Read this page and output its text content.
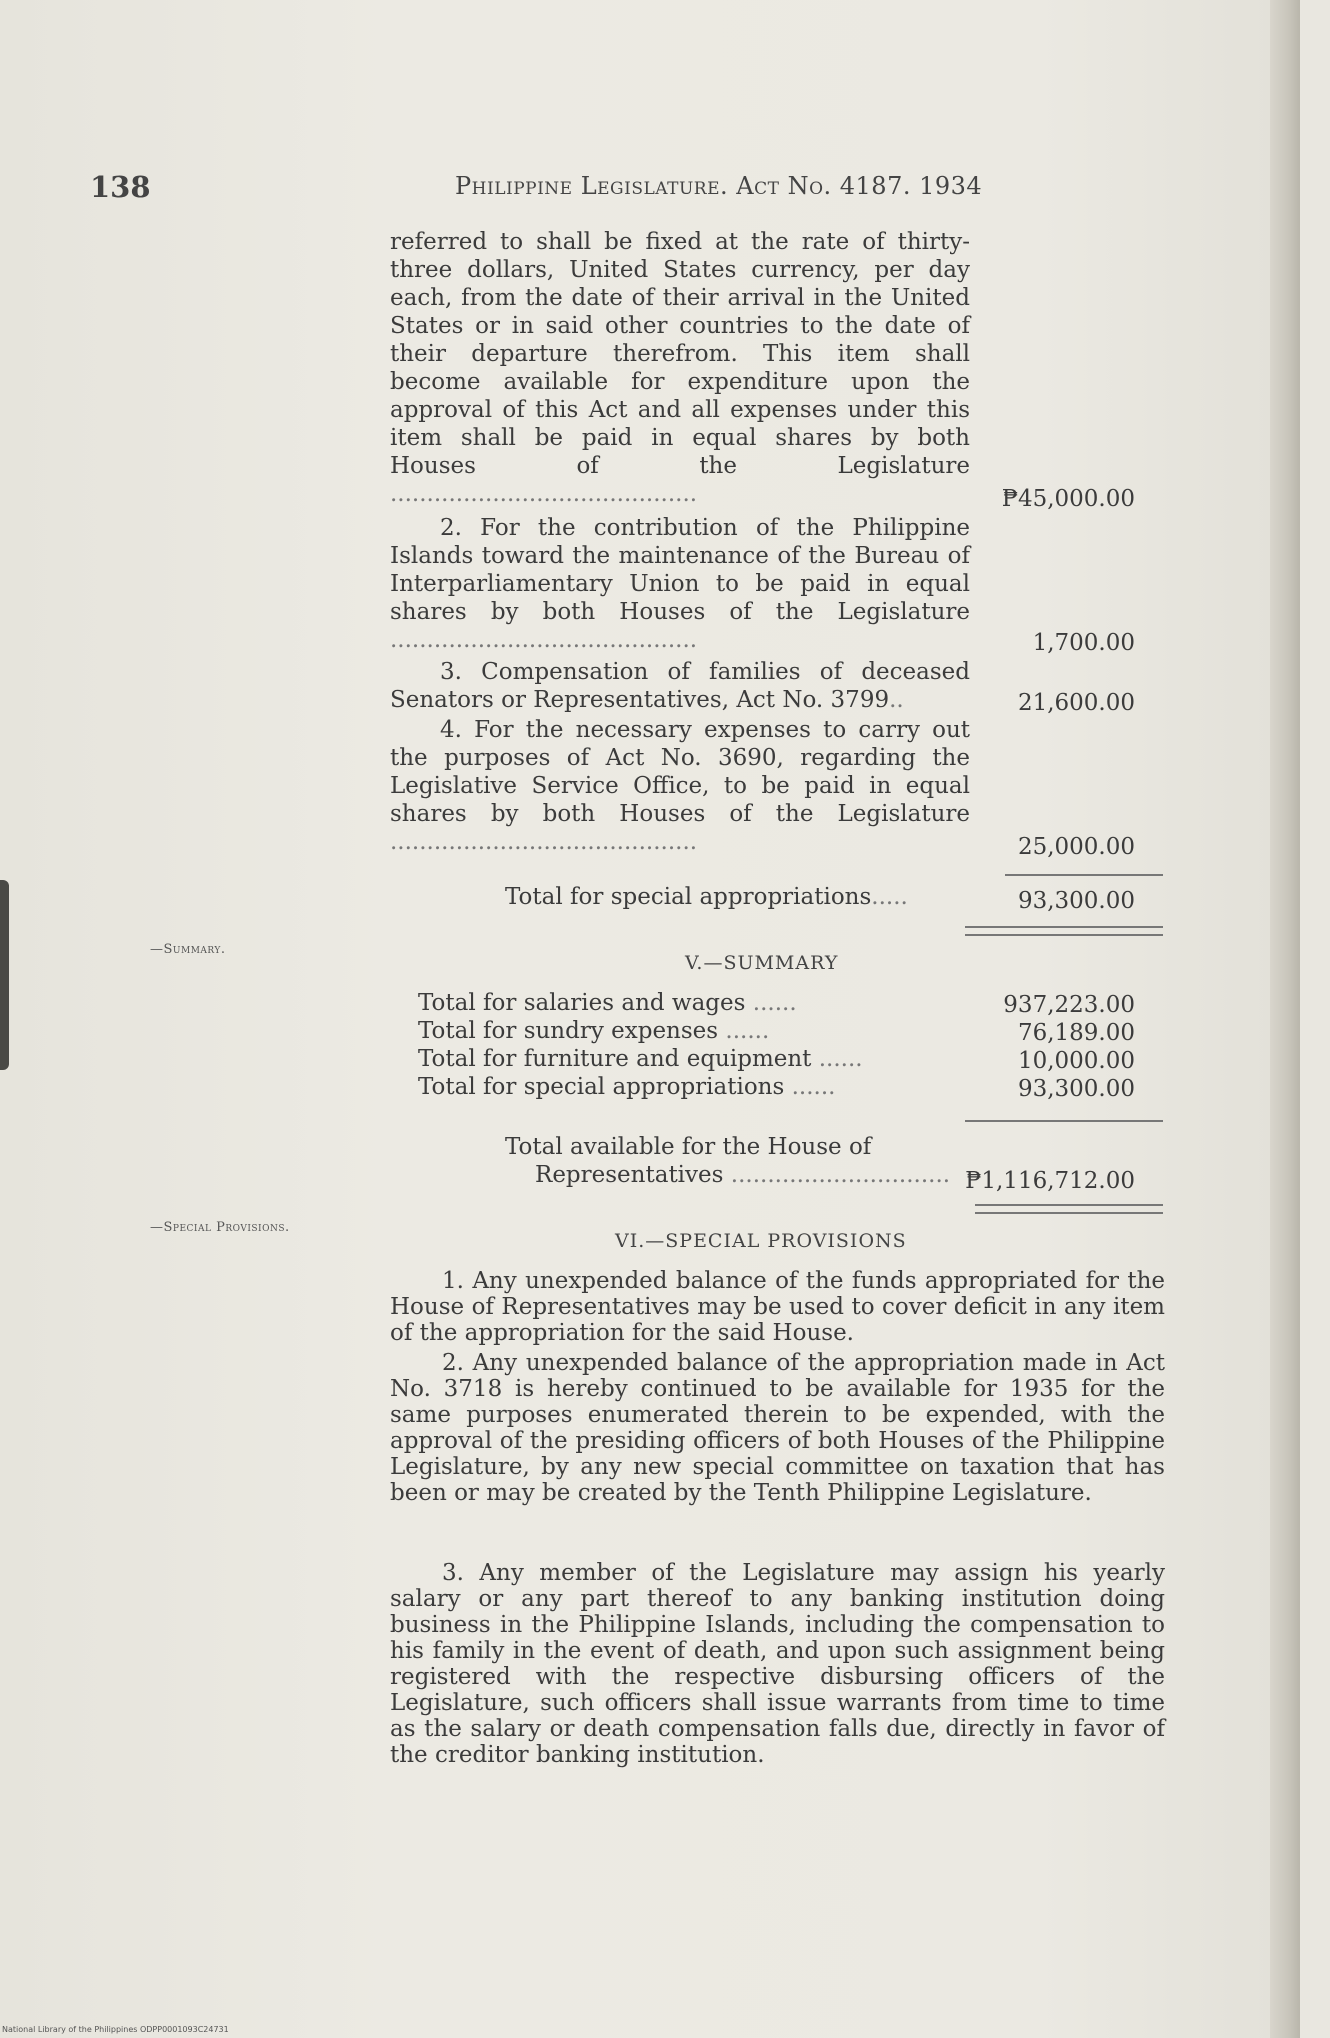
138	Philippine Legislature. Act No. 4187. 1934
referred to shall be fixed at the rate of thirty-three dollars, United States currency, per day each, from the date of their arrival in the United States or in said other countries to the date of their departure therefrom. This item shall become available for expenditure upon the approval of this Act and all expenses under this item shall be paid in equal shares by both Houses of the Legislature ..........................................	₱45,000.00
2. For the contribution of the Philippine Islands toward the maintenance of the Bureau of Interparliamentary Union to be paid in equal shares by both Houses of the Legislature ..........................................	1,700.00
3. Compensation of families of deceased Senators or Representatives, Act No. 3799..	21,600.00
4. For the necessary expenses to carry out the purposes of Act No. 3690, regarding the Legislative Service Office, to be paid in equal shares by both Houses of the Legislature ..........................................	25,000.00
Total for special appropriations.....	93,300.00
—Summary.
V.—SUMMARY
Total for salaries and wages ......	937,223.00
Total for sundry expenses ......	76,189.00
Total for furniture and equipment ......	10,000.00
Total for special appropriations ......	93,300.00
Total available for the House of
Representatives .............................. ₱1,116,712.00
—Special Provisions.
VI.—SPECIAL PROVISIONS
1. Any unexpended balance of the funds appropriated for the House of Representatives may be used to cover deficit in any item of the appropriation for the said House.
2. Any unexpended balance of the appropriation made in Act No. 3718 is hereby continued to be available for 1935 for the same purposes enumerated therein to be expended, with the approval of the presiding officers of both Houses of the Philippine Legislature, by any new special committee on taxation that has been or may be created by the Tenth Philippine Legislature.
3. Any member of the Legislature may assign his yearly salary or any part thereof to any banking institution doing business in the Philippine Islands, including the compensation to his family in the event of death, and upon such assignment being registered with the respective disbursing officers of the Legislature, such officers shall issue warrants from time to time as the salary or death compensation falls due, directly in favor of the creditor banking institution.
National Library of the Philippines ODPP0001093C24731
